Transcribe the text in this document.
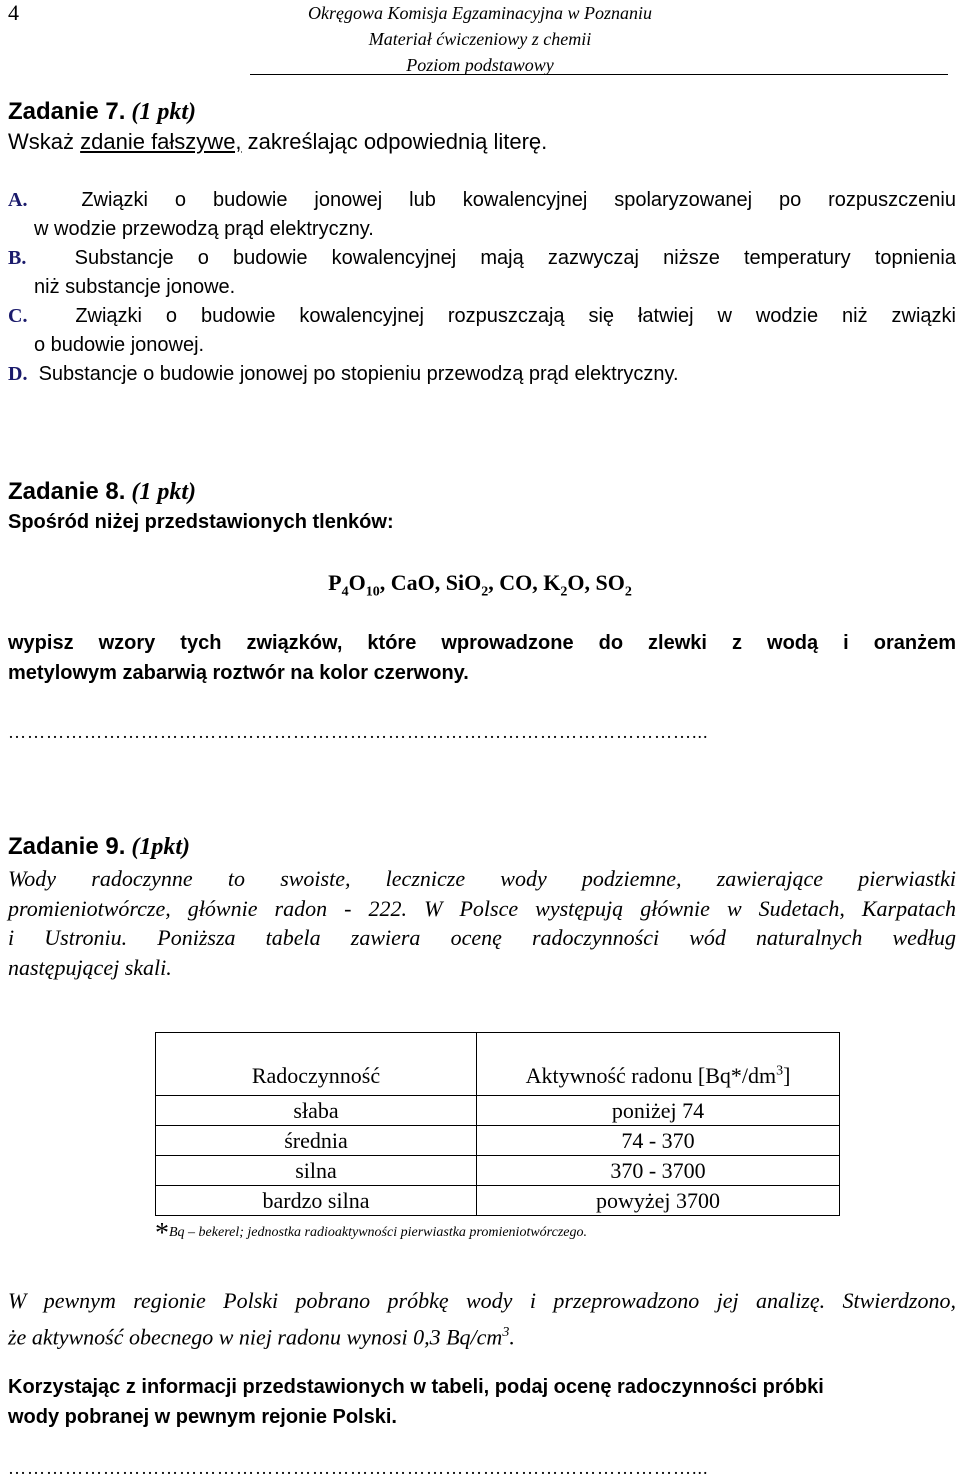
4	Okręgowa Komisja Egzaminacyjna w Poznaniu
Materiał ćwiczeniowy z chemii
Poziom podstawowy
Zadanie 7. (1 pkt)
Wskaż zdanie fałszywe, zakreślając odpowiednią literę.
A.	Związki o budowie jonowej lub kowalencyjnej spolaryzowanej po rozpuszczeniu
w wodzie przewodzą prąd elektryczny.
B. Substancje o budowie kowalencyjnej mają zazwyczaj niższe temperatury topnienia
niż substancje jonowe.
C. Związki o budowie kowalencyjnej rozpuszczają się łatwiej w wodzie niż związki
o budowie jonowej.
D. Substancje o budowie jonowej po stopieniu przewodzą prąd elektryczny.
Zadanie 8. (1 pkt)
Spośród niżej przedstawionych tlenków:
$P_4O_{10}$, CaO, SiO$_2$, CO, $K_2O$, $SO_2$
wypisz wzory tych związków, które wprowadzone do zlewki z wodą i oranżem
metylowym zabarwią roztwór na kolor czerwony.
………………………………………………………………………………………………...
Zadanie 9. (1pkt)
Wody radoczynne to swoiste, lecznicze wody podziemne, zawierające pierwiastki
promieniotwórcze, głównie radon - 222. W Polsce występują głównie w Sudetach, Karpatach
i Ustroniu. Poniższa tabela zawiera ocenę radoczynności wód naturalnych według
następującej skali.
Radoczynność	Aktywność radonu $[Bq*/dm^3]$
słaba	poniżej 74
średnia	74 - 370
silna	370 - 3700
bardzo silna	powyżej 3700
*Bq – bekerel; jednostka radioaktywności pierwiastka promieniotwórczego.
W pewnym regionie Polski pobrano próbkę wody i przeprowadzono jej analizę. Stwierdzono,
że aktywność obecnego w niej radonu wynosi 0,3 $Bq/cm^3$.
Korzystając z informacji przedstawionych w tabeli, podaj ocenę radoczynności próbki
wody pobranej w pewnym rejonie Polski.
………………………………………………………………………………………………...
